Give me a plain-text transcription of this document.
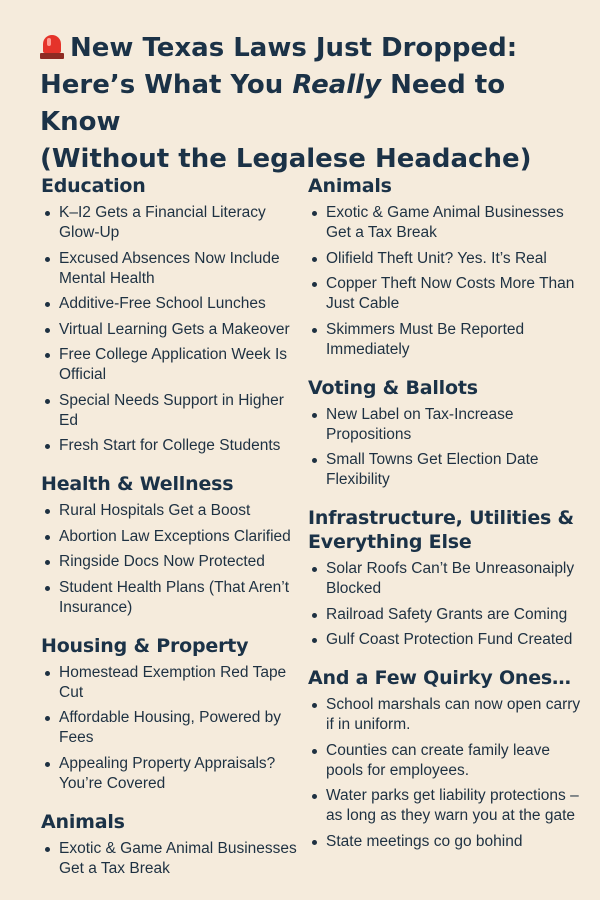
New Texas Laws Just Dropped:
Here’s What You Really Need to Know
(Without the Legalese Headache)
Education
K–I2 Gets a Financial Literacy Glow-Up
Excused Absences Now Include Mental Health
Additive-Free School Lunches
Virtual Learning Gets a Makeover
Free College Application Week Is Official
Special Needs Support in Higher Ed
Fresh Start for College Students
Health & Wellness
Rural Hospitals Get a Boost
Abortion Law Exceptions Clarified
Ringside Docs Now Protected
Student Health Plans (That Aren’t Insurance)
Housing & Property
Homestead Exemption Red Tape Cut
Affordable Housing, Powered by Fees
Appealing Property Appraisals? You’re Covered
Animals
Exotic & Game Animal Businesses Get a Tax Break
Animals
Exotic & Game Animal Businesses Get a Tax Break
Olifield Theft Unit? Yes. It’s Real
Copper Theft Now Costs More Than Just Cable
Skimmers Must Be Reported Immediately
Voting & Ballots
New Label on Tax-Increase Propositions
Small Towns Get Election Date Flexibility
Infrastructure, Utilities & Everything Else
Solar Roofs Can’t Be Unreasonaiply Blocked
Railroad Safety Grants are Coming
Gulf Coast Protection Fund Created
And a Few Quirky Ones…
School marshals can now open carry if in uniform.
Counties can create family leave pools for employees.
Water parks get liability protections –as long as they warn you at the gate
State meetings co go bohind
